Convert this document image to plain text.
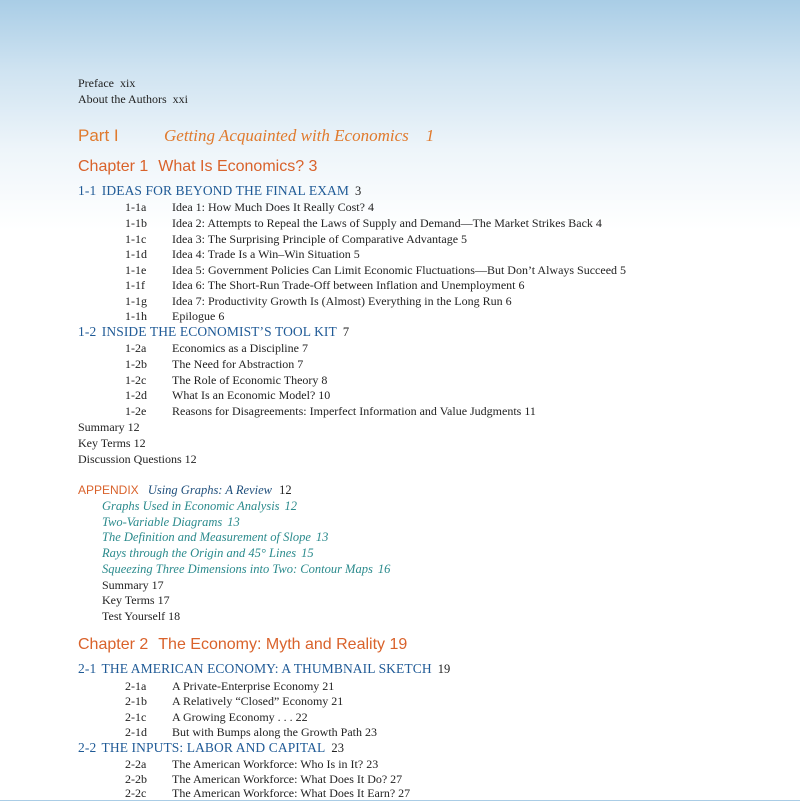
Preface xix
About the Authors xxi
Part I	Getting Acquainted with Economics 1
Chapter 1 What Is Economics? 3
1-1 IDEAS FOR BEYOND THE FINAL EXAM 3
1-1a Idea 1: How Much Does It Really Cost? 4
1-1b Idea 2: Attempts to Repeal the Laws of Supply and Demand—The Market Strikes Back 4
1-1c Idea 3: The Surprising Principle of Comparative Advantage 5
1-1d Idea 4: Trade Is a Win–Win Situation 5
1-1e Idea 5: Government Policies Can Limit Economic Fluctuations—But Don’t Always Succeed 5
1-1f Idea 6: The Short-Run Trade-Off between Inflation and Unemployment 6
1-1g Idea 7: Productivity Growth Is (Almost) Everything in the Long Run 6
1-1h Epilogue 6
1-2 INSIDE THE ECONOMIST’S TOOL KIT 7
1-2a Economics as a Discipline 7
1-2b The Need for Abstraction 7
1-2c The Role of Economic Theory 8
1-2d What Is an Economic Model? 10
1-2e Reasons for Disagreements: Imperfect Information and Value Judgments 11
Summary 12
Key Terms 12
Discussion Questions 12
APPENDIX Using Graphs: A Review 12
Graphs Used in Economic Analysis 12
Two-Variable Diagrams 13
The Definition and Measurement of Slope 13
Rays through the Origin and 45° Lines 15
Squeezing Three Dimensions into Two: Contour Maps 16
Summary 17
Key Terms 17
Test Yourself 18
Chapter 2 The Economy: Myth and Reality 19
2-1 THE AMERICAN ECONOMY: A THUMBNAIL SKETCH 19
2-1a A Private-Enterprise Economy 21
2-1b A Relatively “Closed” Economy 21
2-1c A Growing Economy . . . 22
2-1d But with Bumps along the Growth Path 23
2-2 THE INPUTS: LABOR AND CAPITAL 23
2-2a The American Workforce: Who Is in It? 23
2-2b The American Workforce: What Does It Do? 27
2-2c The American Workforce: What Does It Earn? 27
